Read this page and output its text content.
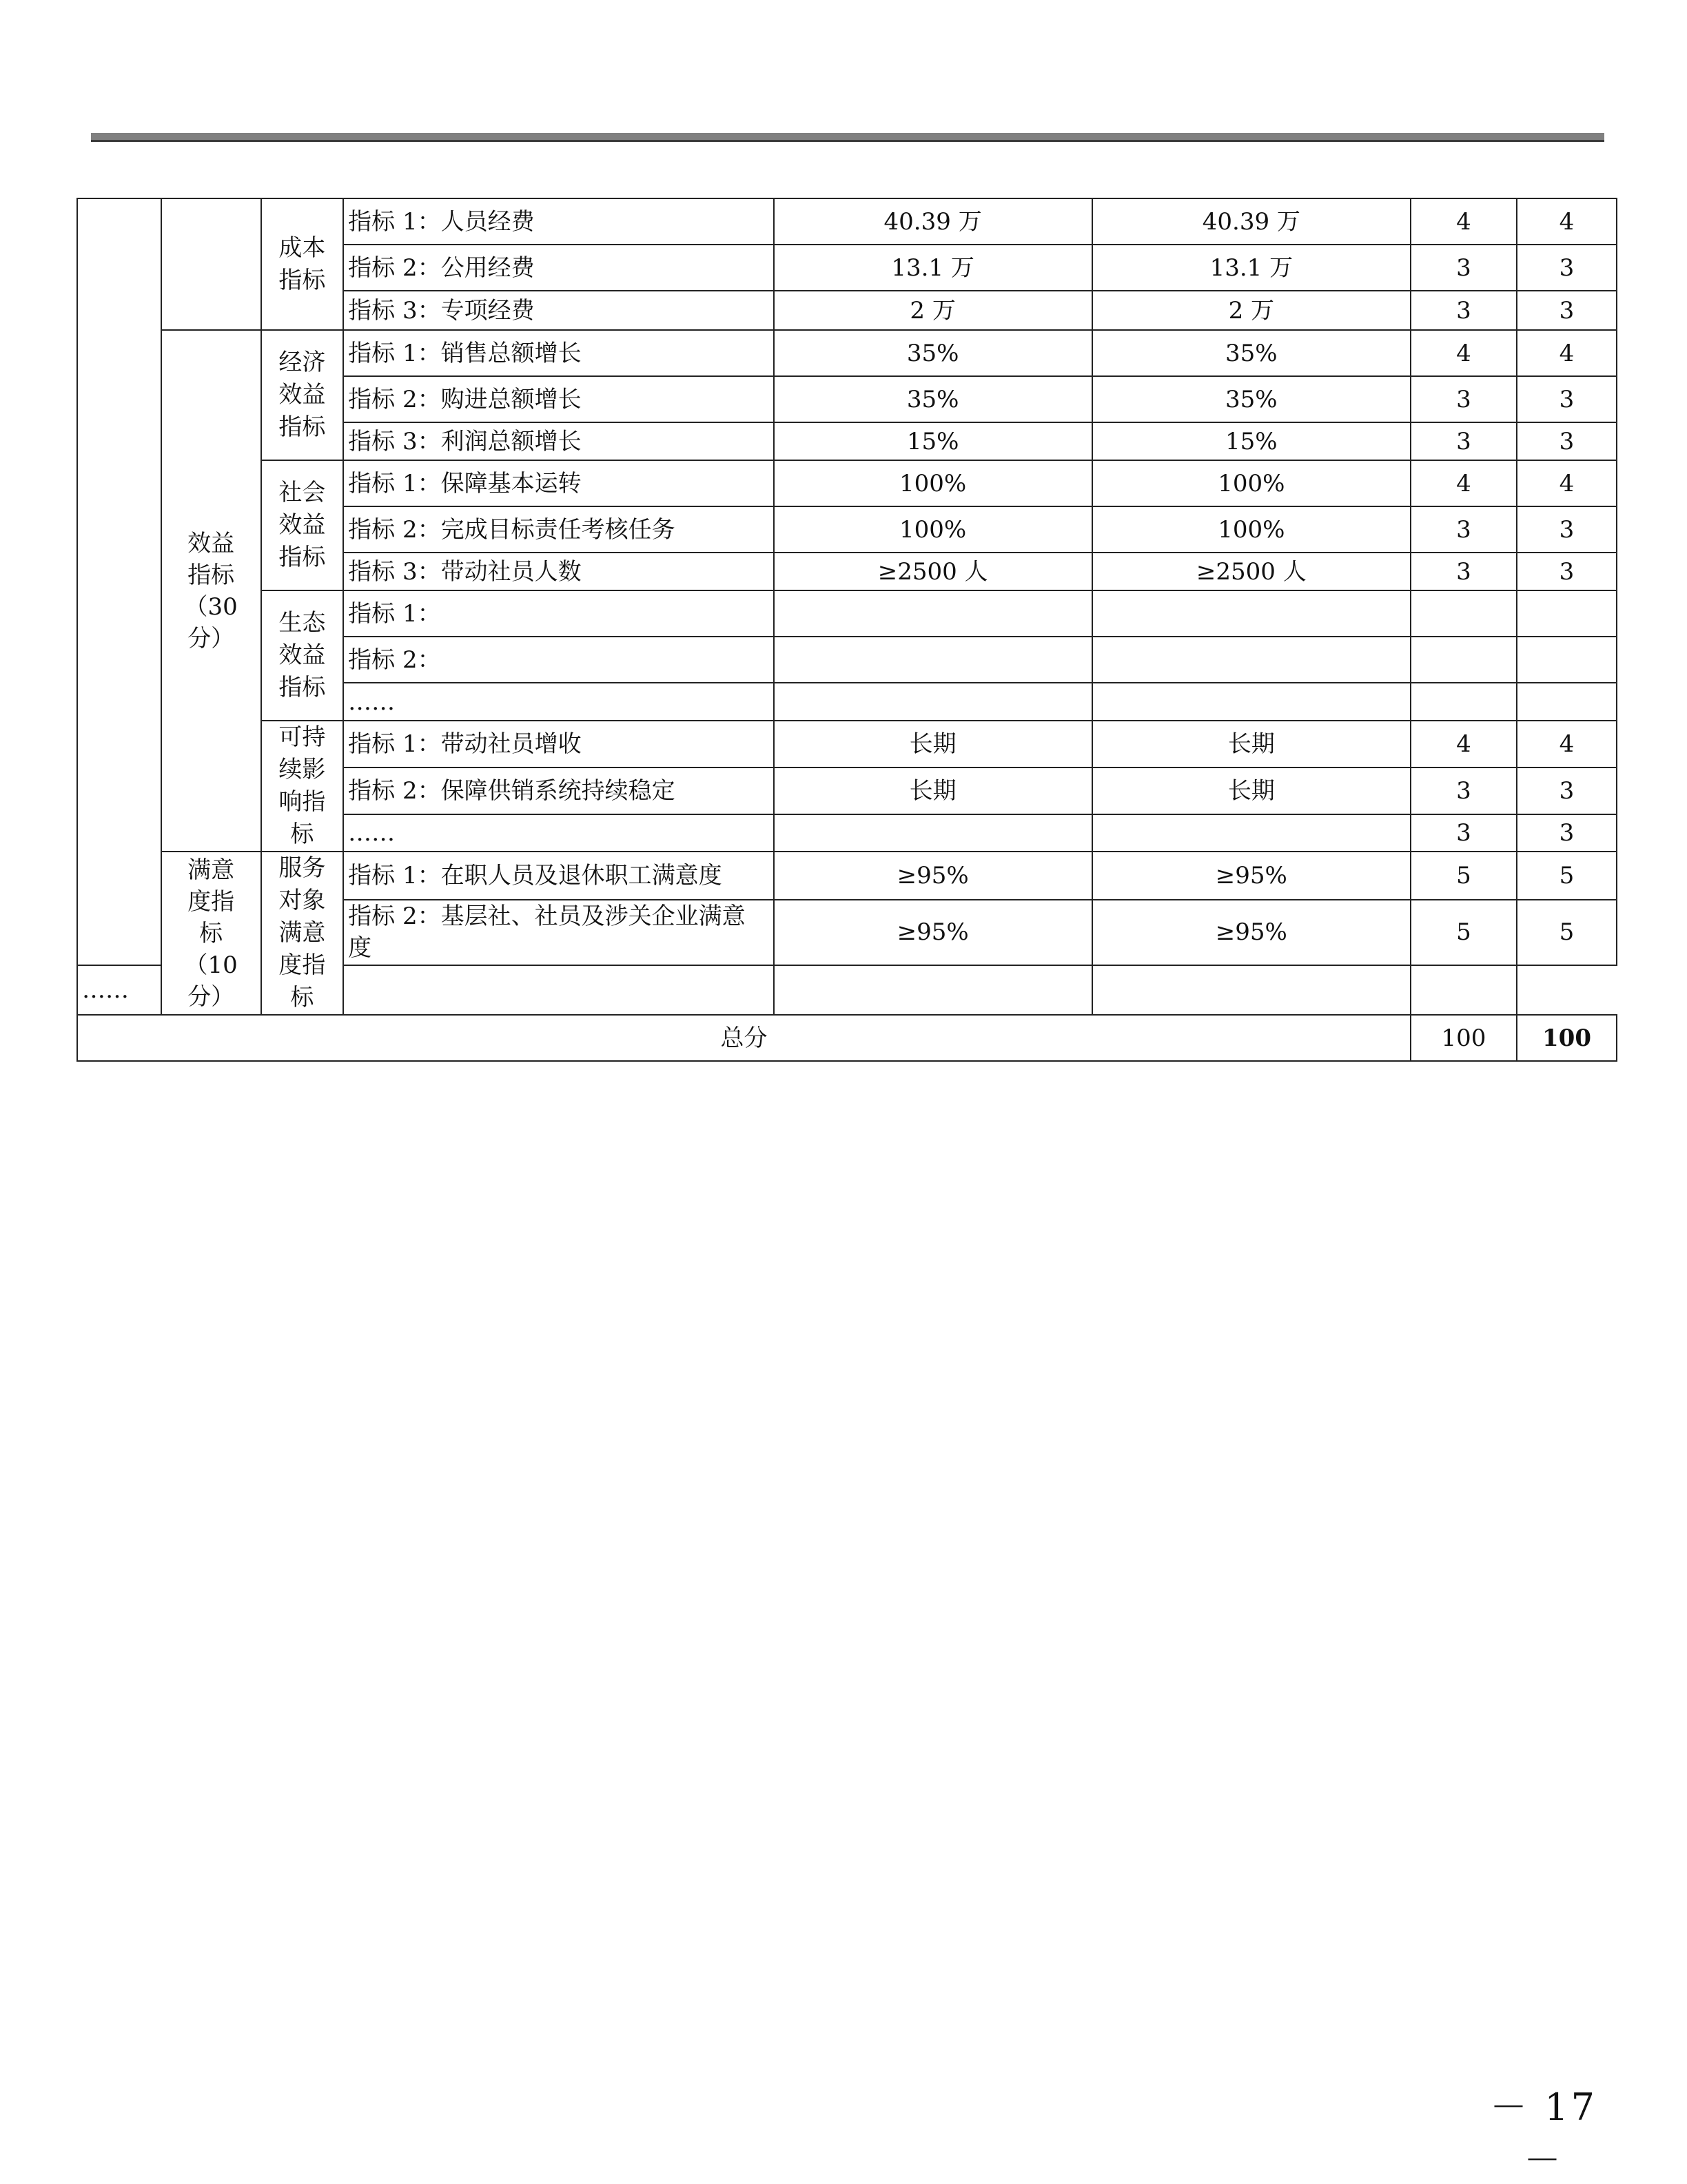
		成本指标	指标 1：人员经费	40.39 万	40.39 万	4	4
			指标 2：公用经费	13.1 万	13.1 万	3	3
			指标 3：专项经费	2 万	2 万	3	3

	效益指标（30分）	经济效益指标	指标 1：销售总额增长	35%	35%	4	4
			指标 2：购进总额增长	35%	35%	3	3
			指标 3：利润总额增长	15%	15%	3	3

		社会效益指标	指标 1：保障基本运转	100%	100%	4	4
			指标 2：完成目标责任考核任务	100%	100%	3	3
			指标 3：带动社员人数	≥2500 人	≥2500 人	3	3

		生态效益指标	指标 1：				
			指标 2：				
			……				

		可持续影响指标	指标 1：带动社员增收	长期	长期	4	4
			指标 2：保障供销系统持续稳定	长期	长期	3	3
			……			3	3

	满意度指标（10分）	服务对象满意度指标	指标 1：在职人员及退休职工满意度	≥95%	≥95%	5	5
			指标 2：基层社、社员及涉关企业满意度	≥95%	≥95%	5	5
……							
总分						100	100
－ 17 －
